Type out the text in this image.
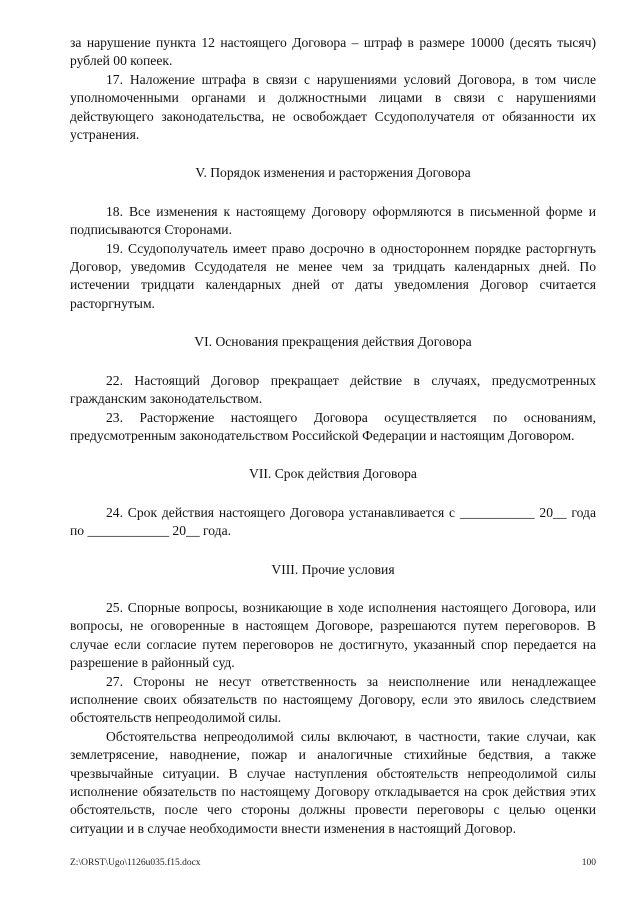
за нарушение пункта 12 настоящего Договора – штраф в размере 10000 (десять тысяч) рублей 00 копеек.

17. Наложение штрафа в связи с нарушениями условий Договора, в том числе уполномоченными органами и должностными лицами в связи с нарушениями действующего законодательства, не освобождает Ссудополучателя от обязанности их устранения.

V. Порядок изменения и расторжения Договора

18. Все изменения к настоящему Договору оформляются в письменной форме и подписываются Сторонами.

19. Ссудополучатель имеет право досрочно в одностороннем порядке расторгнуть Договор, уведомив Ссудодателя не менее чем за тридцать календарных дней. По истечении тридцати календарных дней от даты уведомления Договор считается расторгнутым.

VI. Основания прекращения действия Договора

22. Настоящий Договор прекращает действие в случаях, предусмотренных гражданским законодательством.

23. Расторжение настоящего Договора осуществляется по основаниям, предусмотренным законодательством Российской Федерации и настоящим Договором.

VII. Срок действия Договора

24. Срок действия настоящего Договора устанавливается с ___________ 20__ года по ____________ 20__ года.

VIII. Прочие условия

25. Спорные вопросы, возникающие в ходе исполнения настоящего Договора, или вопросы, не оговоренные в настоящем Договоре, разрешаются путем переговоров. В случае если согласие путем переговоров не достигнуто, указанный спор передается на разрешение в районный суд.

27. Стороны не несут ответственность за неисполнение или ненадлежащее исполнение своих обязательств по настоящему Договору, если это явилось следствием обстоятельств непреодолимой силы.

Обстоятельства непреодолимой силы включают, в частности, такие случаи, как землетрясение, наводнение, пожар и аналогичные стихийные бедствия, а также чрезвычайные ситуации. В случае наступления обстоятельств непреодолимой силы исполнение обязательств по настоящему Договору откладывается на срок действия этих обстоятельств, после чего стороны должны провести переговоры с целью оценки ситуации и в случае необходимости внести изменения в настоящий Договор.

Z:\ORST\Ugo\1126u035.f15.docx	100
